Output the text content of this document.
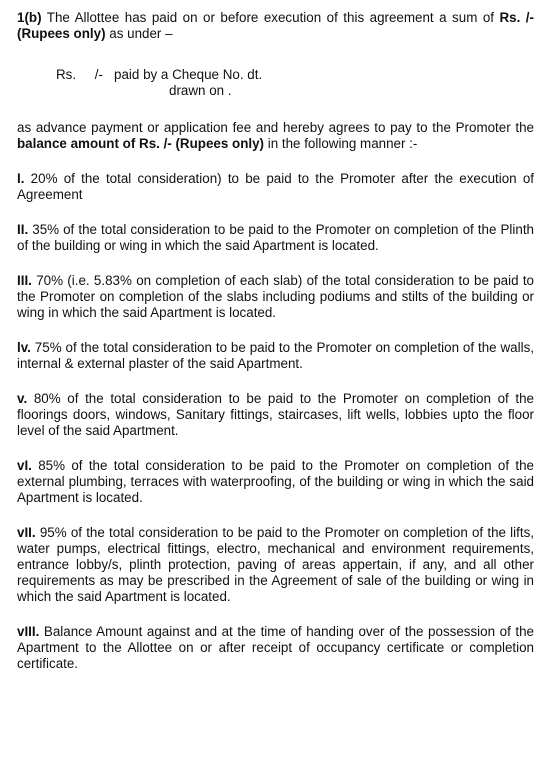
1(b) The Allottee has paid on or before execution of this agreement a sum of Rs. /- (Rupees only) as under –

Rs.     /-   paid by a Cheque No. dt.
drawn on .

as advance payment or application fee and hereby agrees to pay to the Promoter the balance amount of Rs. /- (Rupees only) in the following manner :-

I. 20% of the total consideration) to be paid to the Promoter after the execution of Agreement

II. 35% of the total consideration to be paid to the Promoter on completion of the Plinth of the building or wing in which the said Apartment is located.

III. 70% (i.e. 5.83% on completion of each slab) of the total consideration to be paid to the Promoter on completion of the slabs including podiums and stilts of the building or wing in which the said Apartment is located.

lv. 75% of the total consideration to be paid to the Promoter on completion of the walls, internal & external plaster of the said Apartment.

v. 80% of the total consideration to be paid to the Promoter on completion of the floorings doors, windows, Sanitary fittings, staircases, lift wells, lobbies upto the floor level of the said Apartment.

vI. 85% of the total consideration to be paid to the Promoter on completion of the external plumbing, terraces with waterproofing, of the building or wing in which the said Apartment is located.

vII. 95% of the total consideration to be paid to the Promoter on completion of the lifts, water pumps, electrical fittings, electro, mechanical and environment requirements, entrance lobby/s, plinth protection, paving of areas appertain, if any, and all other requirements as may be prescribed in the Agreement of sale of the building or wing in which the said Apartment is located.

vIII. Balance Amount against and at the time of handing over of the possession of the Apartment to the Allottee on or after receipt of occupancy certificate or completion certificate.
